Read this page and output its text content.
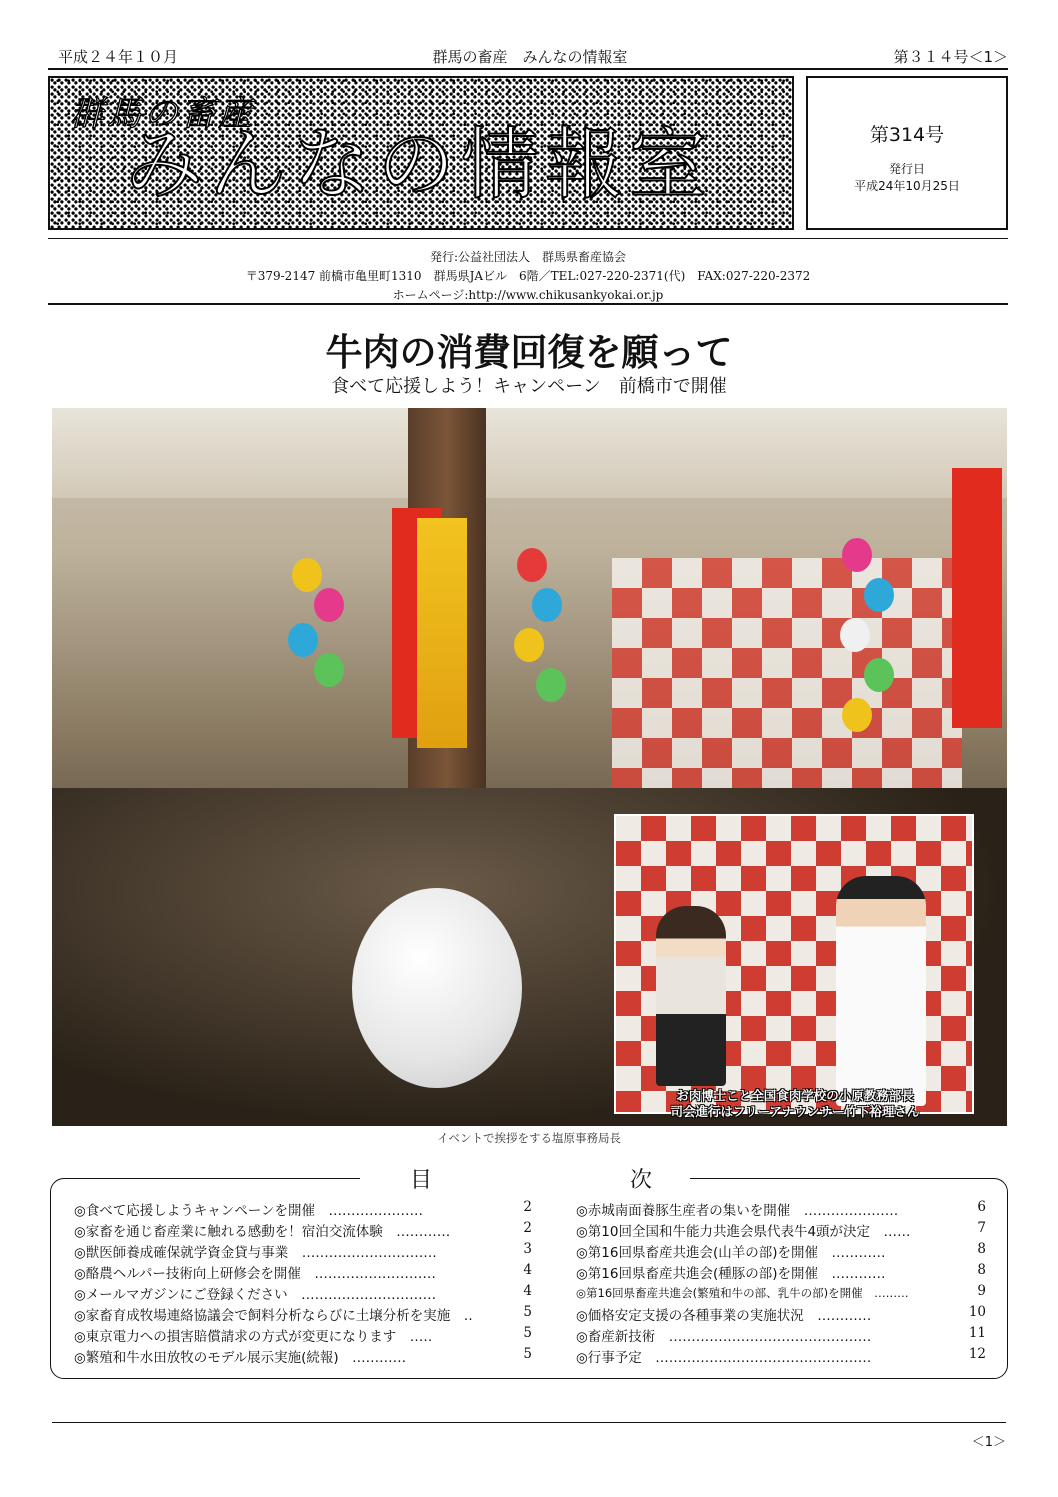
平成２４年１０月	群馬の畜産　みんなの情報室	第３１４号＜1＞
群馬の畜産
みんなの情報室	第314号
発行日
平成24年10月25日
発行:公益社団法人　群馬県畜産協会
〒379-2147 前橋市亀里町1310　群馬県JAビル　6階／TEL:027-220-2371(代)　FAX:027-220-2372
ホームページ:http://www.chikusankyokai.or.jp
牛肉の消費回復を願って
食べて応援しよう！キャンペーン　前橋市で開催
お肉博士こと全国食肉学校の小原教務部長
司会進行はフリーアナウンサー竹下裕理さん
イベントで挨拶をする塩原事務局長
目	次
◎食べて応援しようキャンペーンを開催　…………………	2
◎家畜を通じ畜産業に触れる感動を！宿泊交流体験　…………	2
◎獣医師養成確保就学資金貸与事業　…………………………	3
◎酪農ヘルパー技術向上研修会を開催　………………………	4
◎メールマガジンにご登録ください　…………………………	4
◎家畜育成牧場連絡協議会で飼料分析ならびに土壌分析を実施　‥	5
◎東京電力への損害賠償請求の方式が変更になります　…‥	5
◎繁殖和牛水田放牧のモデル展示実施(続報)　…………	5
◎赤城南面養豚生産者の集いを開催　…………………	6
◎第10回全国和牛能力共進会県代表牛4頭が決定　……	7
◎第16回県畜産共進会(山羊の部)を開催　…………	8
◎第16回県畜産共進会(種豚の部)を開催　…………	8
◎第16回県畜産共進会(繁殖和牛の部、乳牛の部)を開催　………	9
◎価格安定支援の各種事業の実施状況　…………	10
◎畜産新技術　………………………………………	11
◎行事予定　…………………………………………	12
＜1＞
